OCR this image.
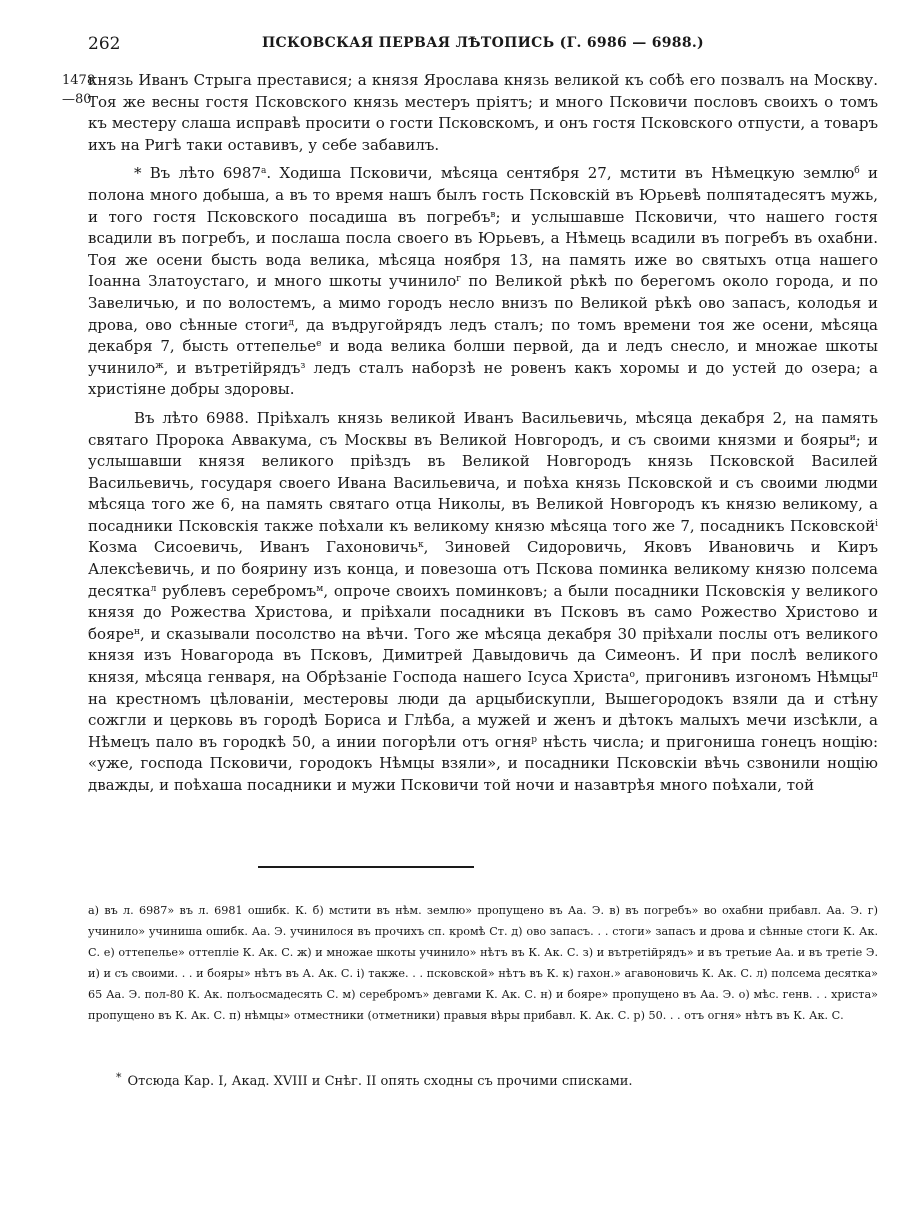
262	ПСКОВСКАЯ ПЕРВАЯ ЛѢТОПИСЬ (Г. 6986 — 6988.)
1478
—80

князь Иванъ Стрыга преставися; а князя Ярослава князь великой къ собѣ его позвалъ на Москву. Тоя же весны гостя Псковского князь местеръ пріятъ; и много Псковичи пословъ своихъ о томъ къ местеру слаша исправѣ просити о гости Псковскомъ, и онъ гостя Псковского отпусти, а товаръ ихъ на Ригѣ таки оставивъ, у себе забавилъ.

* Въ лѣто $6987^а$. Ходиша Псковичи, мѣсяца сентября 27, мстити въ Нѣмецкую землю$^б$ и полона много добыша, а въ то время нашъ былъ гость Псковскій въ Юрьевѣ полпятадесятъ мужь, и того гостя Псковского посадиша въ погребъ$^в$; и услышавше Псковичи, что нашего гостя всадили въ погребъ, и послаша посла своего въ Юрьевъ, а Нѣмець всадили въ погребъ въ охабни. Тоя же осени бысть вода велика, мѣсяца ноября 13, на память иже во святыхъ отца нашего Іоанна Златоустаго, и много шкоты учинило$^г$ по Великой рѣкѣ по берегомъ около города, и по Завеличью, и по волостемъ, а мимо городъ несло внизъ по Великой рѣкѣ ово запасъ, колодья и дрова, ово сѣнные стоги$^д$, да въдругойрядъ ледъ сталъ; по томъ времени тоя же осени, мѣсяца декабря 7, бысть оттепелье$^е$ и вода велика болши первой, да и ледъ снесло, и множае шкоты учинило$^ж$, и вътретійрядъ$^з$ ледъ сталъ наборзѣ не ровенъ какъ хоромы и до устей до озера; а христіяне добры здоровы.

Въ лѣто 6988. Пріѣхалъ князь великой Иванъ Васильевичь, мѣсяца декабря 2, на память святаго Пророка Аввакума, съ Москвы въ Великой Новгородъ, и съ своими князми и бояры$^и$; и услышавши князя великого пріѣздъ въ Великой Новгородъ князь Псковской Василей Васильевичь, государя своего Ивана Васильевича, и поѣха князь Псковской и съ своими людми мѣсяца того же 6, на память святаго отца Николы, въ Великой Новгородъ къ князю великому, а посадники Псковскія также поѣхали къ великому князю мѣсяца того же 7, посадникъ Псковской$^і$ Козма Сисоевичь, Иванъ Гахоновичь$^к$, Зиновей Сидоровичь, Яковъ Ивановичь и Киръ Алексѣевичь, и по боярину изъ конца, и повезоша отъ Пскова поминка великому князю полсема десятка$^л$ рублевъ серебромъ$^м$, опроче своихъ поминковъ; а были посадники Псковскія у великого князя до Рожества Христова, и пріѣхали посадники въ Псковъ въ само Рожество Христово и бояре$^н$, и сказывали посолство на вѣчи. Того же мѣсяца декабря 30 пріѣхали послы отъ великого князя изъ Новагорода въ Псковъ, Димитрей Давыдовичь да Симеонъ. И при послѣ великого князя, мѣсяца генваря, на Обрѣзаніе Господа нашего Ісуса Христа$^о$, пригонивъ изгономъ Нѣмцы$^п$ на крестномъ цѣлованіи, местеровы люди да арцыбискупли, Вышегородокъ взяли да и стѣну сожгли и церковь въ городѣ Бориса и Глѣба, а мужей и женъ и дѣтокъ малыхъ мечи изсѣкли, а Нѣмецъ пало въ городкѣ 50, а инии погорѣли отъ огня$^р$ нѣсть числа; и пригониша гонецъ нощію: «уже, господа Псковичи, городокъ Нѣмцы взяли», и посадники Псковскіи вѣчь сзвонили нощію дважды, и поѣхаша посадники и мужи Псковичи той ночи и назавтрѣя много поѣхали, той

а) въ л. 6987» въ л. 6981 ошибк. К. б) мстити въ нѣм. землю» пропущено въ Аа. Э. в) въ погребъ» во охабни прибавл. Аа. Э. г) учинило» учиниша ошибк. Аа. Э. учинилося въ прочихъ сп. кромѣ Ст. д) ово запасъ. . . стоги» запасъ и дрова и сѣнные стоги К. Ак. С. е) оттепелье» оттепліе К. Ак. С. ж) и множае шкоты учинило» нѣтъ въ К. Ак. С. з) и вътретійрядъ» и въ третьие Аа. и въ третіе Э. и) и съ своими. . . и бояры» нѣтъ въ А. Ак. С. і) также. . . псковской» нѣтъ въ К. к) гахон.» агавоновичь К. Ак. С. л) полсема десятка» 65 Аа. Э. пол-80 К. Ак. полъосмадесять С. м) серебромъ» девгами К. Ак. С. н) и бояре» пропущено въ Аа. Э. о) мѣс. генв. . . христа» пропущено въ К. Ак. С. п) нѣмцы» отместники (отметники) правыя вѣры прибавл. К. Ак. С. р) 50. . . отъ огня» нѣтъ въ К. Ак. С.

* Отсюда Кар. I, Акад. XVIII и Снѣг. II опять сходны съ прочими списками.
